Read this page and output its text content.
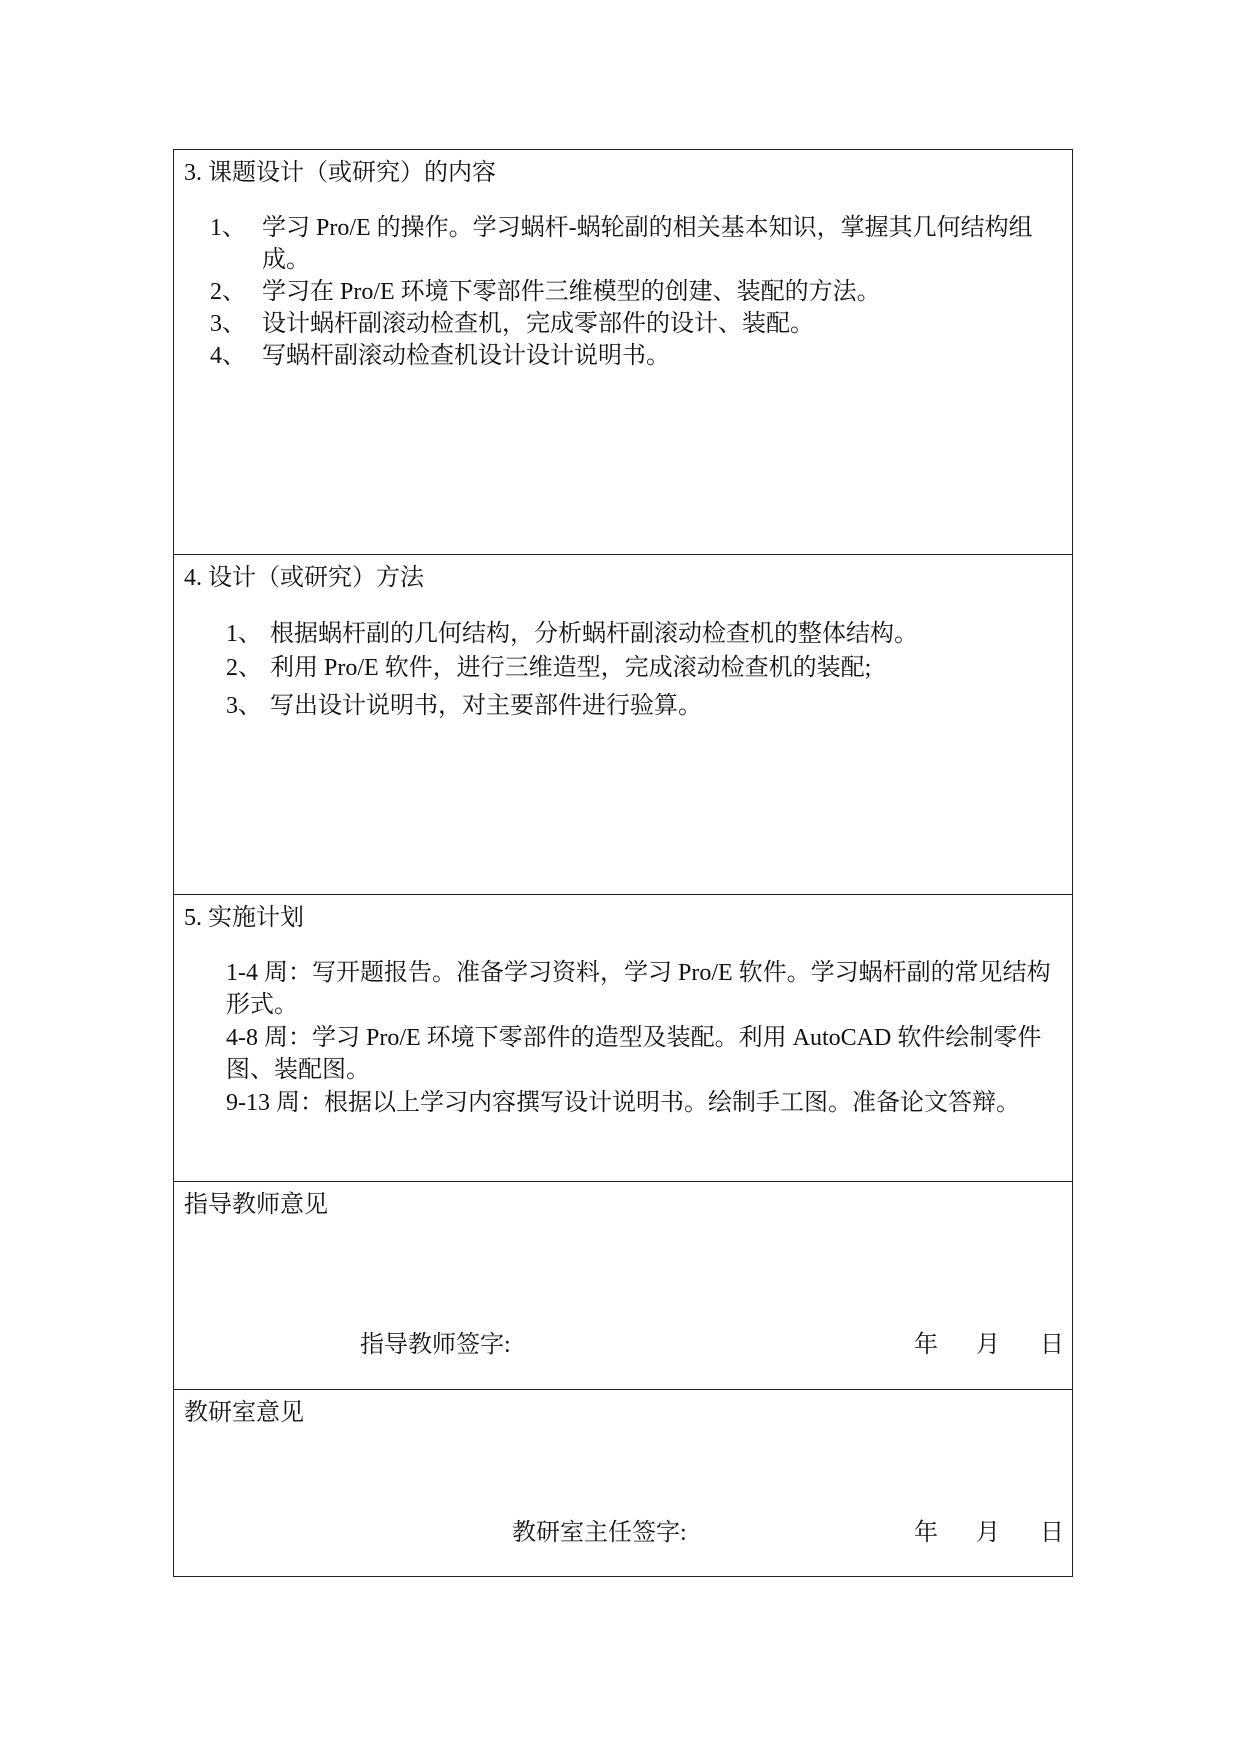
3. 课题设计（或研究）的内容
1、 学习 Pro/E 的操作。学习蜗杆-蜗轮副的相关基本知识，掌握其几何结构组成。
2、 学习在 Pro/E 环境下零部件三维模型的创建、装配的方法。
3、 设计蜗杆副滚动检查机，完成零部件的设计、装配。
4、 写蜗杆副滚动检查机设计设计说明书。
4. 设计（或研究）方法
1、 根据蜗杆副的几何结构，分析蜗杆副滚动检查机的整体结构。
2、 利用 Pro/E 软件，进行三维造型，完成滚动检查机的装配;
3、 写出设计说明书，对主要部件进行验算。
5. 实施计划
1-4 周：写开题报告。准备学习资料，学习 Pro/E 软件。学习蜗杆副的常见结构形式。
4-8 周：学习 Pro/E 环境下零部件的造型及装配。利用 AutoCAD 软件绘制零件图、装配图。
9-13 周：根据以上学习内容撰写设计说明书。绘制手工图。准备论文答辩。
指导教师意见
指导教师签字:	年 月 日
教研室意见
教研室主任签字:	年 月 日
